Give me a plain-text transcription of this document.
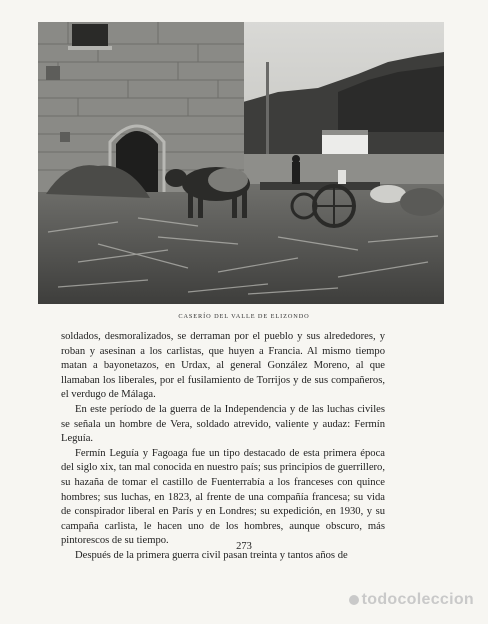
CASERÍO DEL VALLE DE ELIZONDO

soldados, desmoralizados, se derraman por el pueblo y sus alrededores, y roban y asesinan a los carlistas, que huyen a Francia. Al mismo tiempo matan a bayonetazos, en Urdax, al general González Moreno, al que llamaban los liberales, por el fusilamiento de Torrijos y de sus compañeros, el verdugo de Málaga.

En este período de la guerra de la Independencia y de las luchas civiles se señala un hombre de Vera, soldado atrevido, valiente y audaz: Fermín Leguía.

Fermín Leguía y Fagoaga fue un tipo destacado de esta primera época del siglo xix, tan mal conocida en nuestro país; sus principios de guerrillero, su hazaña de tomar el castillo de Fuenterrabía a los franceses con quince hombres; sus luchas, en 1823, al frente de una compañía francesa; su vida de conspirador liberal en París y en Londres; su expedición, en 1930, y su campaña carlista, le hacen uno de los hombres, aunque obscuro, más pintorescos de su tiempo.

Después de la primera guerra civil pasan treinta y tantos años de

273
todocoleccion
